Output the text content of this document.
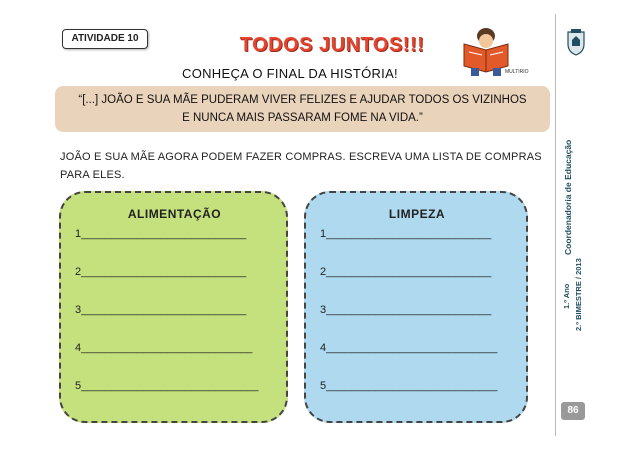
ATIVIDADE 10	TODOS JUNTOS!!!
MULTIRIO
CONHEÇA O FINAL DA HISTÓRIA!
“[...] JOÃO E SUA MÃE PUDERAM VIVER FELIZES E AJUDAR TODOS OS VIZINHOS
E NUNCA MAIS PASSARAM FOME NA VIDA.”
JOÃO E SUA MÃE AGORA PODEM FAZER COMPRAS. ESCREVA UMA LISTA DE COMPRAS
PARA ELES.
ALIMENTAÇÃO
1___________________________
2___________________________
3___________________________
4____________________________
5_____________________________
LIMPEZA
1___________________________
2___________________________
3___________________________
4____________________________
5____________________________
Coordenadoria de Educação
1.º Ano 2.º BIMESTRE / 2013
86
